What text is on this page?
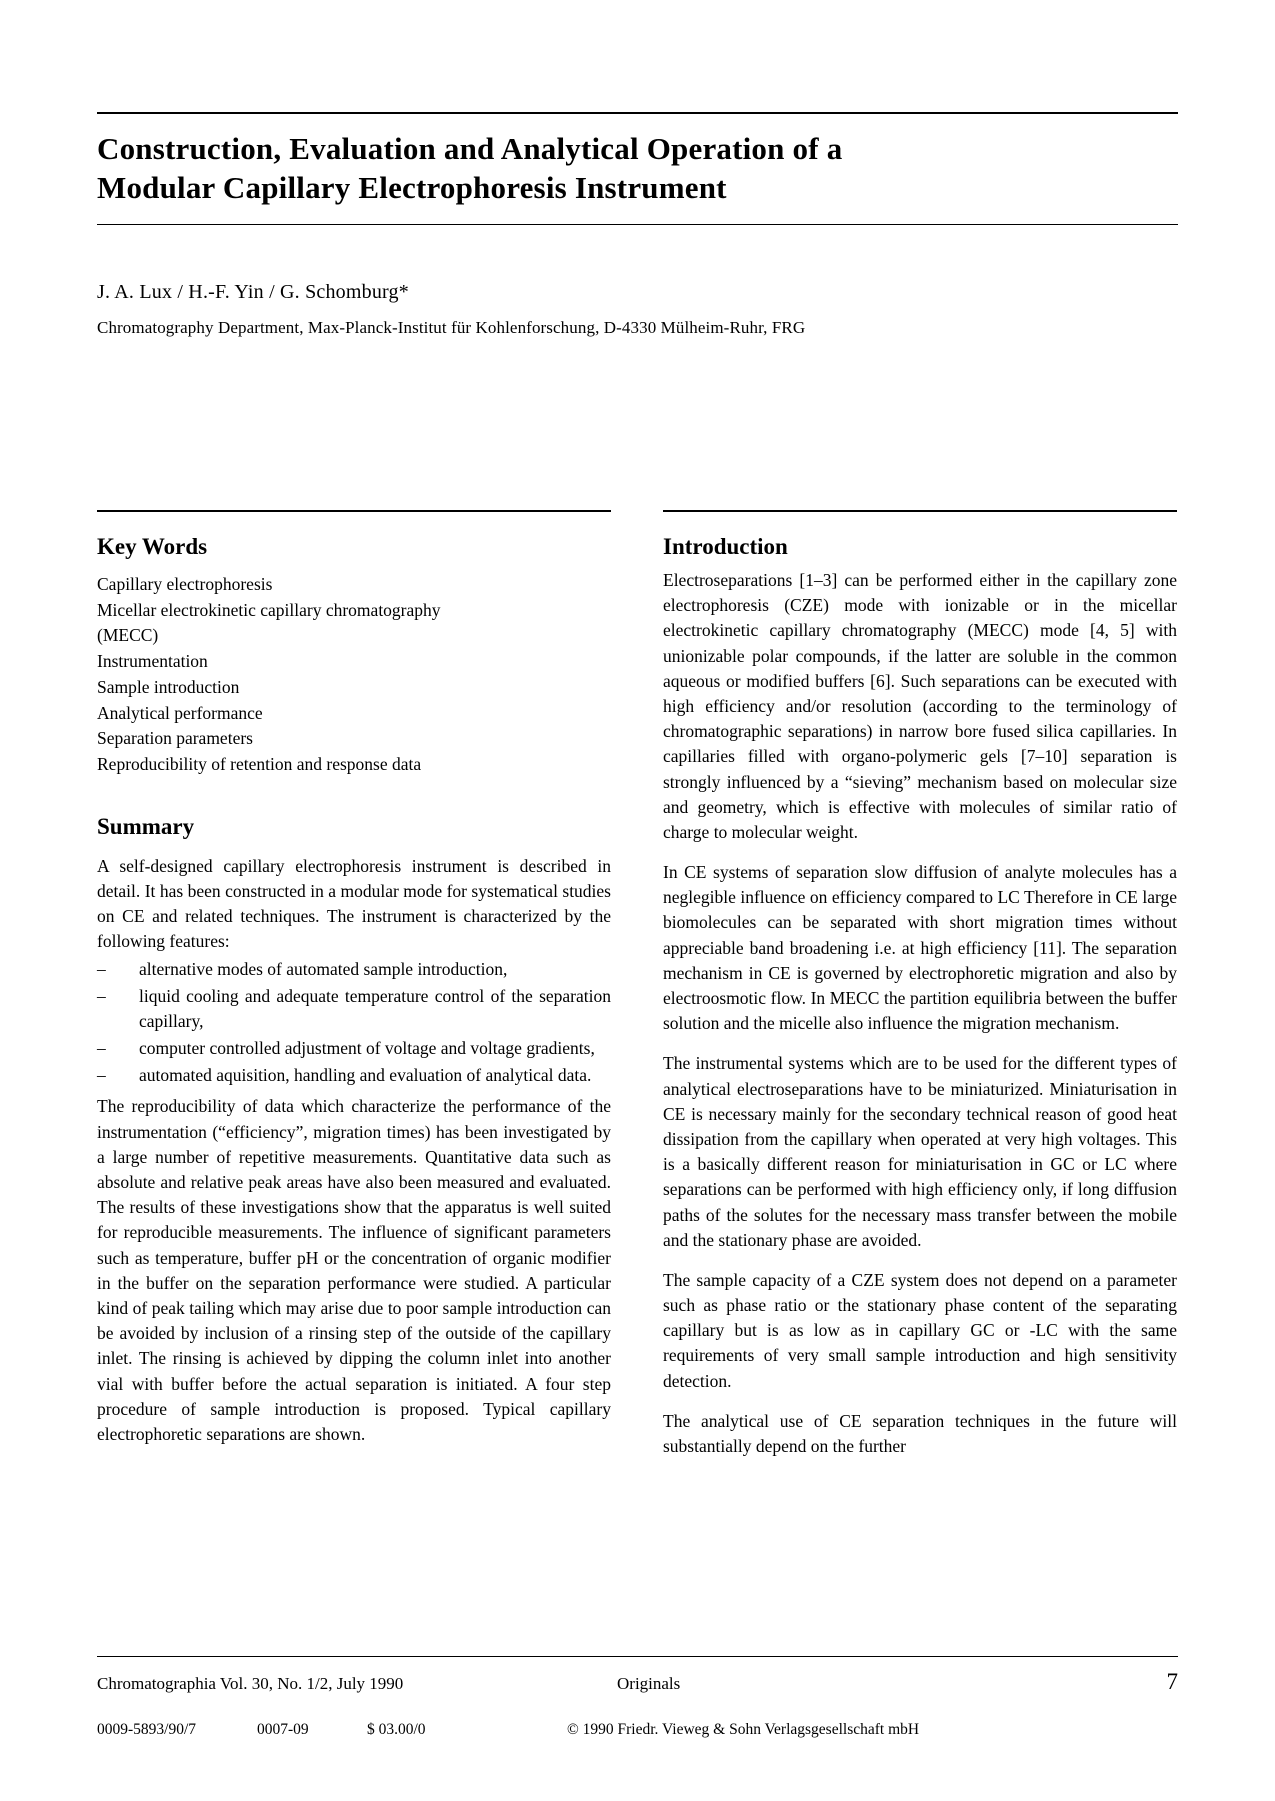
Construction, Evaluation and Analytical Operation of a
Modular Capillary Electrophoresis Instrument
J. A. Lux / H.-F. Yin / G. Schomburg*
Chromatography Department, Max-Planck-Institut für Kohlenforschung, D-4330 Mülheim-Ruhr, FRG
Key Words
Capillary electrophoresis
Micellar electrokinetic capillary chromatography
(MECC)
Instrumentation
Sample introduction
Analytical performance
Separation parameters
Reproducibility of retention and response data
Summary

A self-designed capillary electrophoresis instrument is described in detail. It has been constructed in a modular mode for systematical studies on CE and related techniques. The instrument is characterized by the following features:

–	alternative modes of automated sample introduction,
–	liquid cooling and adequate temperature control of the separation capillary,
–	computer controlled adjustment of voltage and voltage gradients,
–	automated aquisition, handling and evaluation of analytical data.

The reproducibility of data which characterize the performance of the instrumentation (“efficiency”, migration times) has been investigated by a large number of repetitive measurements. Quantitative data such as absolute and relative peak areas have also been measured and evaluated. The results of these investigations show that the apparatus is well suited for reproducible measurements. The influence of significant parameters such as temperature, buffer pH or the concentration of organic modifier in the buffer on the separation performance were studied. A particular kind of peak tailing which may arise due to poor sample introduction can be avoided by inclusion of a rinsing step of the outside of the capillary inlet. The rinsing is achieved by dipping the column inlet into another vial with buffer before the actual separation is initiated. A four step procedure of sample introduction is proposed. Typical capillary electrophoretic separations are shown.

Introduction

Electroseparations [1–3] can be performed either in the capillary zone electrophoresis (CZE) mode with ionizable or in the micellar electrokinetic capillary chromatography (MECC) mode [4, 5] with unionizable polar compounds, if the latter are soluble in the common aqueous or modified buffers [6]. Such separations can be executed with high efficiency and/or resolution (according to the terminology of chromatographic separations) in narrow bore fused silica capillaries. In capillaries filled with organo-polymeric gels [7–10] separation is strongly influenced by a “sieving” mechanism based on molecular size and geometry, which is effective with molecules of similar ratio of charge to molecular weight.

In CE systems of separation slow diffusion of analyte molecules has a neglegible influence on efficiency compared to LC Therefore in CE large biomolecules can be separated with short migration times without appreciable band broadening i.e. at high efficiency [11]. The separation mechanism in CE is governed by electrophoretic migration and also by electroosmotic flow. In MECC the partition equilibria between the buffer solution and the micelle also influence the migration mechanism.

The instrumental systems which are to be used for the different types of analytical electroseparations have to be miniaturized. Miniaturisation in CE is necessary mainly for the secondary technical reason of good heat dissipation from the capillary when operated at very high voltages. This is a basically different reason for miniaturisation in GC or LC where separations can be performed with high efficiency only, if long diffusion paths of the solutes for the necessary mass transfer between the mobile and the stationary phase are avoided.

The sample capacity of a CZE system does not depend on a parameter such as phase ratio or the stationary phase content of the separating capillary but is as low as in capillary GC or -LC with the same requirements of very small sample introduction and high sensitivity detection.

The analytical use of CE separation techniques in the future will substantially depend on the further

Chromatographia Vol. 30, No. 1/2, July 1990	Originals	7
0009-5893/90/7	0007-09	$ 03.00/0	© 1990 Friedr. Vieweg & Sohn Verlagsgesellschaft mbH
